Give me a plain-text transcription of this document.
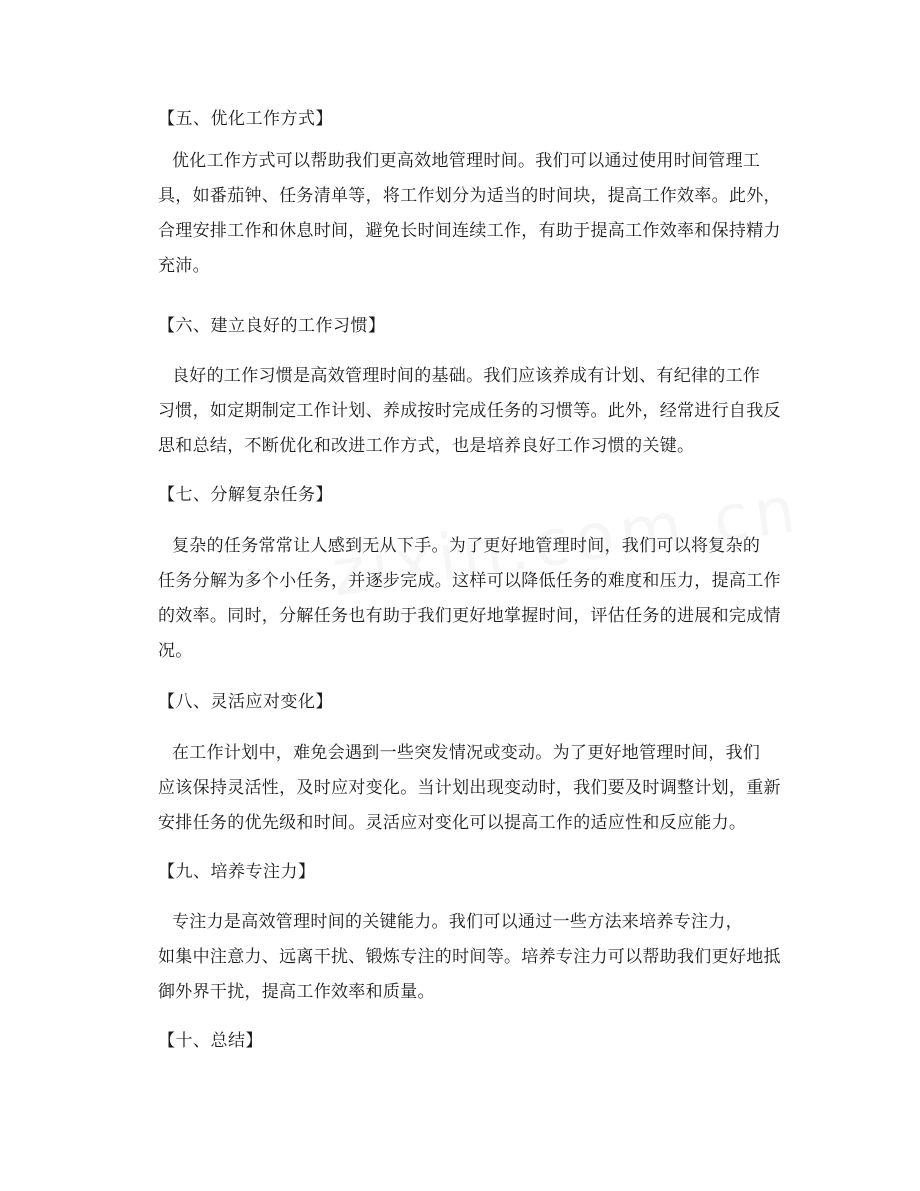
【五、优化工作方式】
优化工作方式可以帮助我们更高效地管理时间。我们可以通过使用时间管理工
具，如番茄钟、任务清单等，将工作划分为适当的时间块，提高工作效率。此外，
合理安排工作和休息时间，避免长时间连续工作，有助于提高工作效率和保持精力
充沛。
【六、建立良好的工作习惯】
良好的工作习惯是高效管理时间的基础。我们应该养成有计划、有纪律的工作
习惯，如定期制定工作计划、养成按时完成任务的习惯等。此外，经常进行自我反
思和总结，不断优化和改进工作方式，也是培养良好工作习惯的关键。
【七、分解复杂任务】
复杂的任务常常让人感到无从下手。为了更好地管理时间，我们可以将复杂的
任务分解为多个小任务，并逐步完成。这样可以降低任务的难度和压力，提高工作
的效率。同时，分解任务也有助于我们更好地掌握时间，评估任务的进展和完成情
况。
【八、灵活应对变化】
在工作计划中，难免会遇到一些突发情况或变动。为了更好地管理时间，我们
应该保持灵活性，及时应对变化。当计划出现变动时，我们要及时调整计划，重新
安排任务的优先级和时间。灵活应对变化可以提高工作的适应性和反应能力。
【九、培养专注力】
专注力是高效管理时间的关键能力。我们可以通过一些方法来培养专注力，
如集中注意力、远离干扰、锻炼专注的时间等。培养专注力可以帮助我们更好地抵
御外界干扰，提高工作效率和质量。
【十、总结】
